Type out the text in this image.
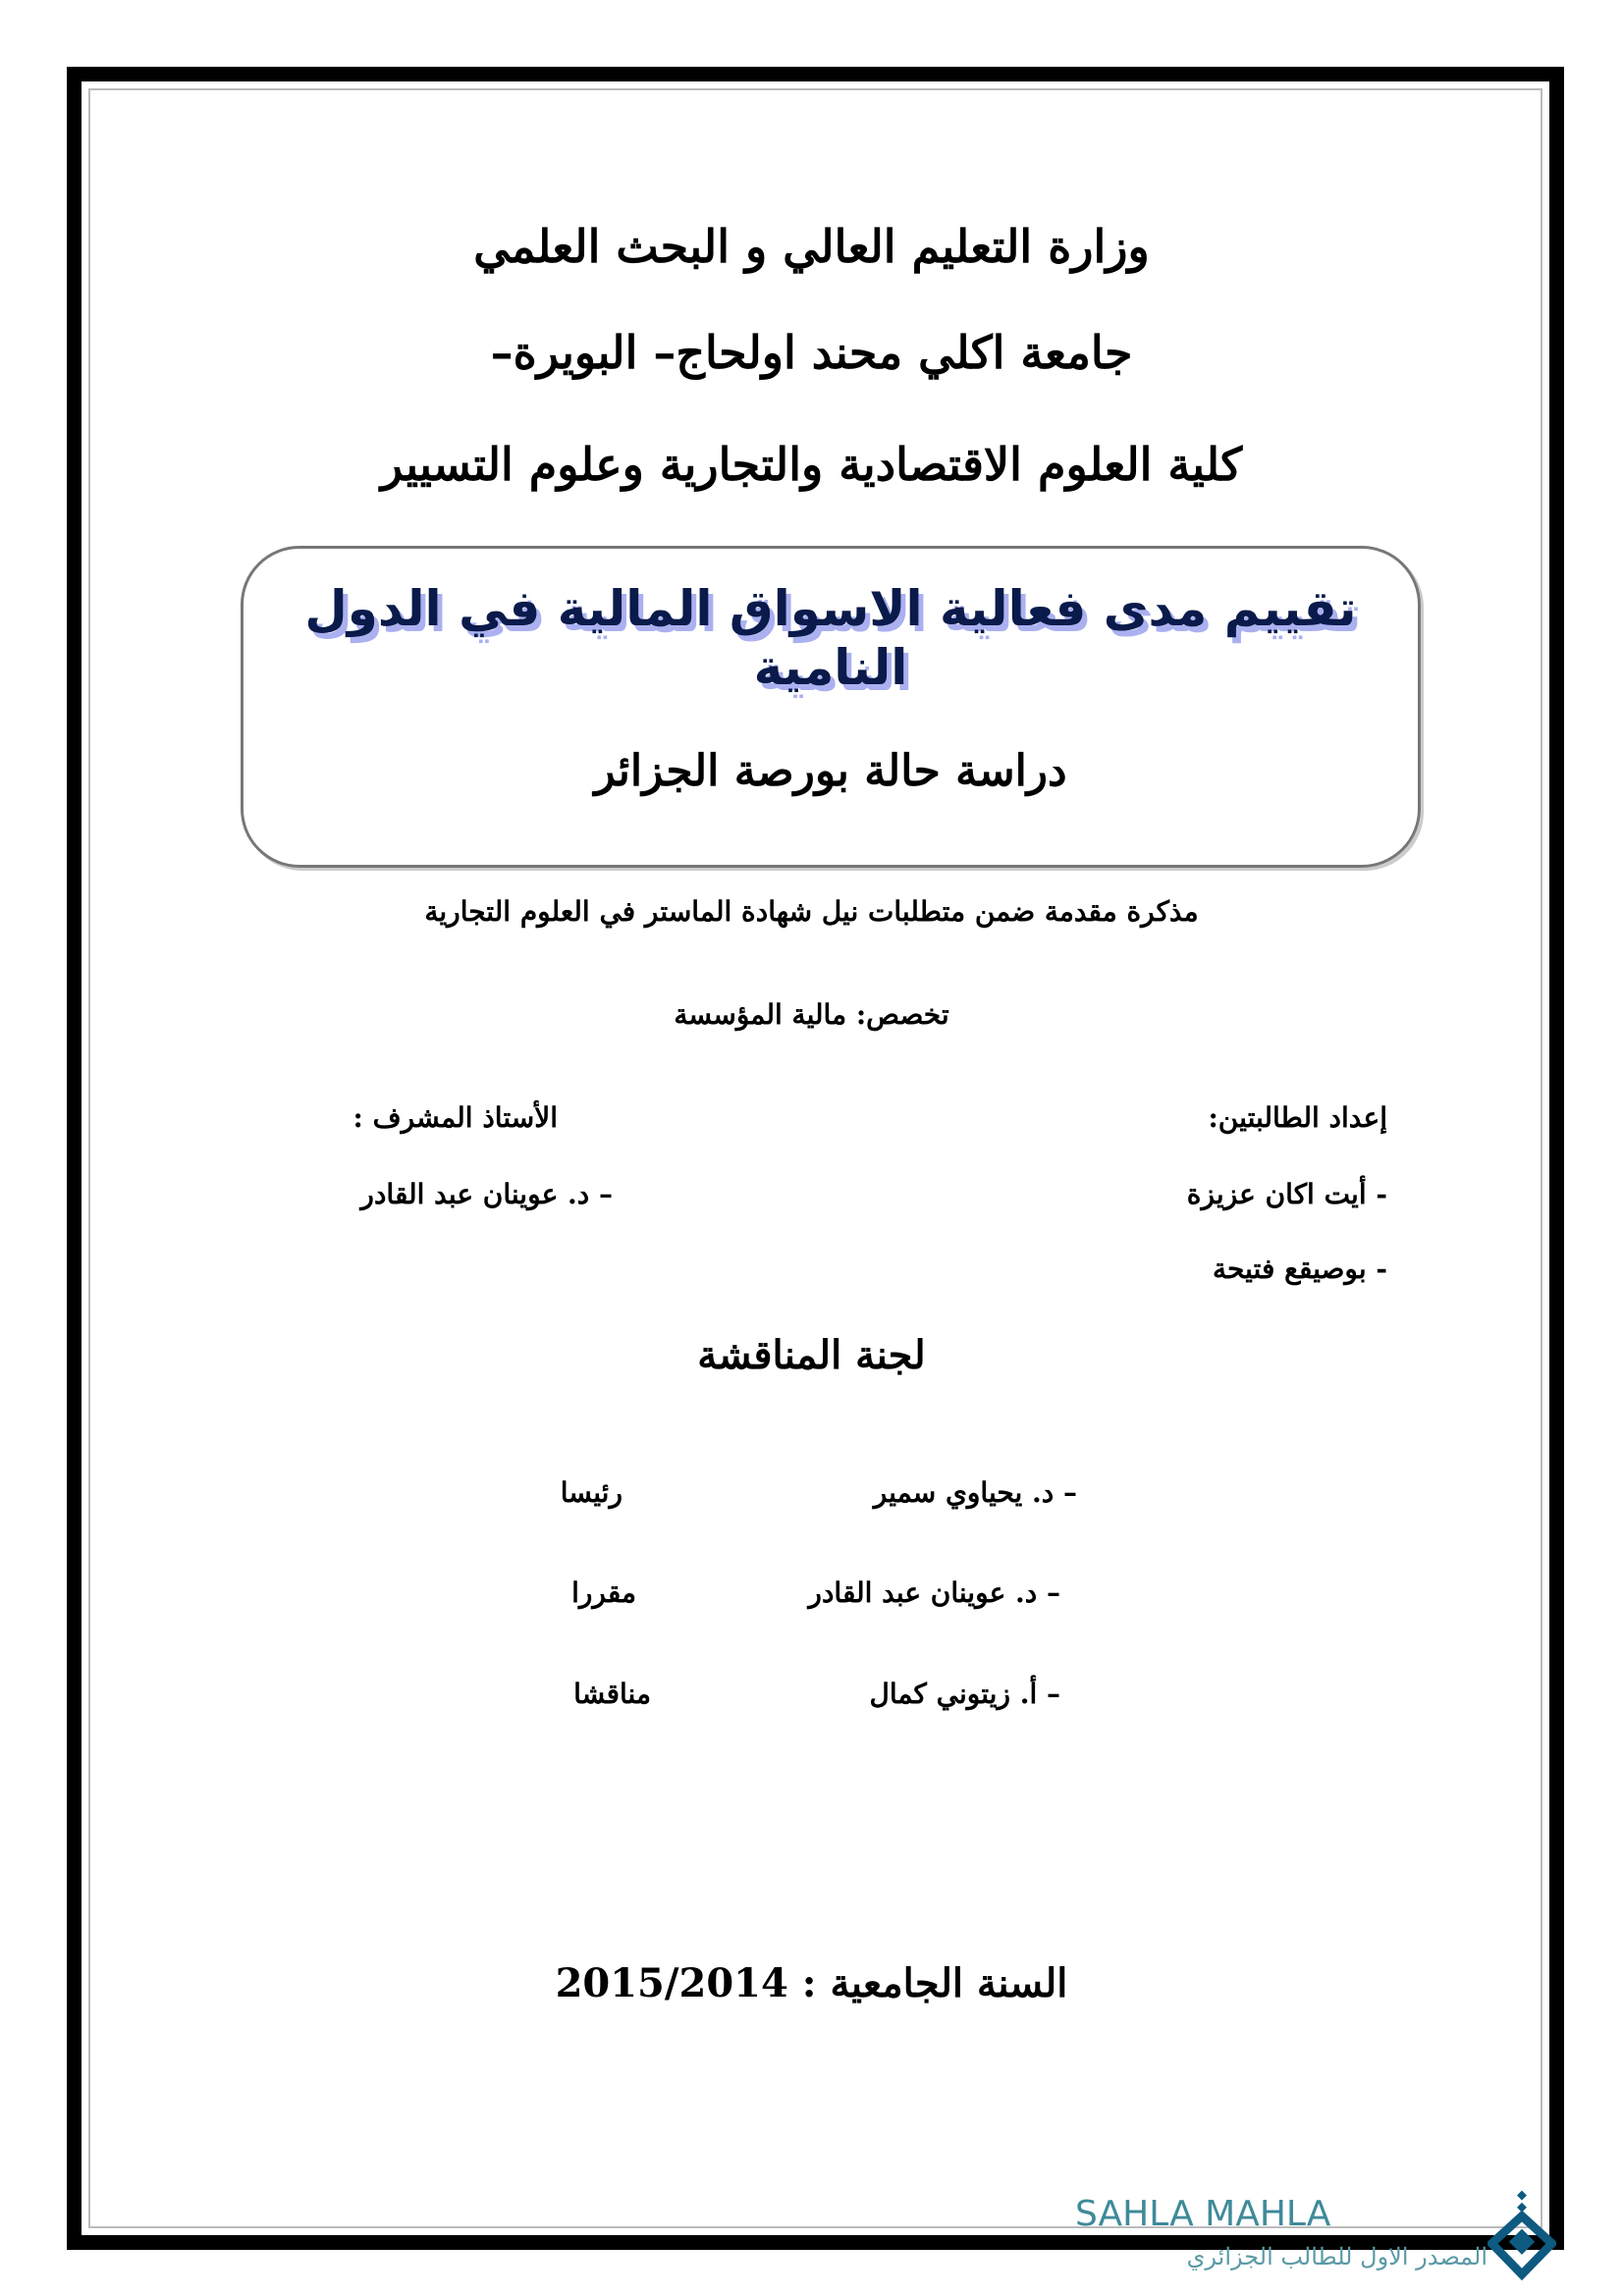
وزارة التعليم العالي و البحث العلمي
جامعة اكلي محند اولحاج– البويرة–
كلية العلوم الاقتصادية والتجارية وعلوم التسيير
تقييم مدى فعالية الاسواق المالية في الدول النامية
دراسة حالة بورصة الجزائر
مذكرة مقدمة ضمن متطلبات نيل شهادة الماستر في العلوم التجارية
تخصص: مالية المؤسسة
إعداد الطالبتين:
- أيت اكان عزيزة
- بوصيقع فتيحة
الأستاذ المشرف :
– د. عوينان عبد القادر
لجنة المناقشة
– د. يحياوي سمير
رئيسا
– د. عوينان عبد القادر
مقررا
– أ. زيتوني كمال
مناقشا
السنة الجامعية : 2015/2014
SAHLA MAHLA
المصدر الاول للطالب الجزائري
